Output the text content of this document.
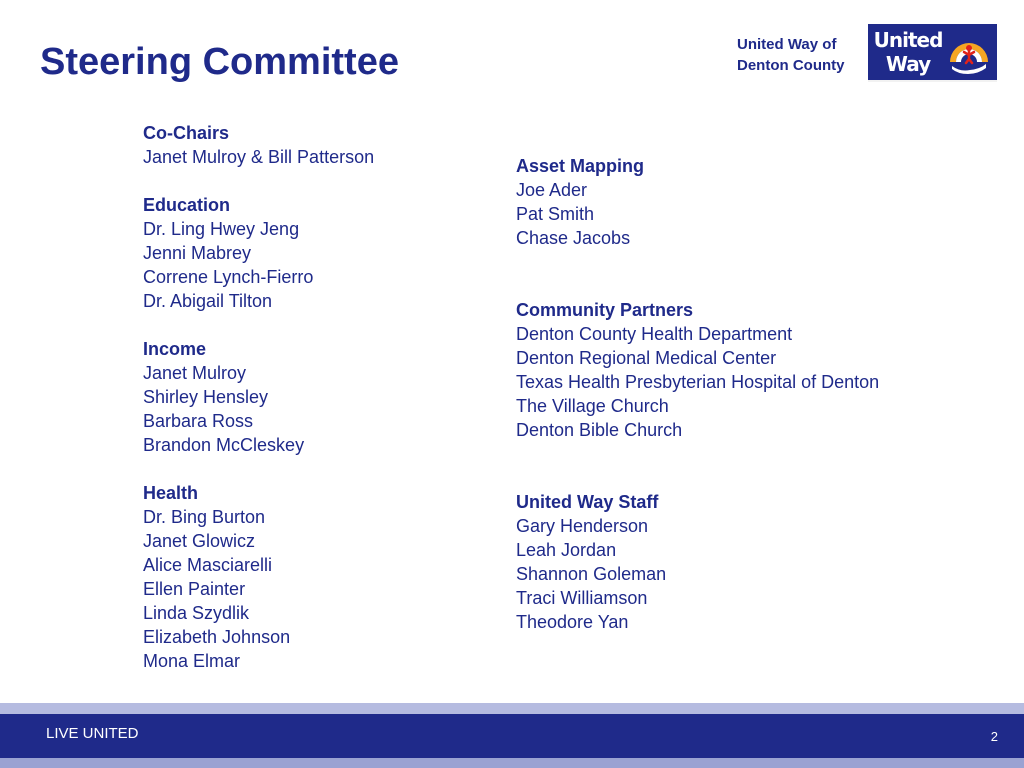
Steering Committee	United Way of
Denton County
United
Way
Co-Chairs
Janet Mulroy & Bill Patterson
Education
Dr. Ling Hwey Jeng
Jenni Mabrey
Correne Lynch-Fierro
Dr. Abigail Tilton
Income
Janet Mulroy
Shirley Hensley
Barbara Ross
Brandon McCleskey
Health
Dr. Bing Burton
Janet Glowicz
Alice Masciarelli
Ellen Painter
Linda Szydlik
Elizabeth Johnson
Mona Elmar
Asset Mapping
Joe Ader
Pat Smith
Chase Jacobs
Community Partners
Denton County Health Department
Denton Regional Medical Center
Texas Health Presbyterian Hospital of Denton
The Village Church
Denton Bible Church
United Way Staff
Gary Henderson
Leah Jordan
Shannon Goleman
Traci Williamson
Theodore Yan
LIVE UNITED	2
